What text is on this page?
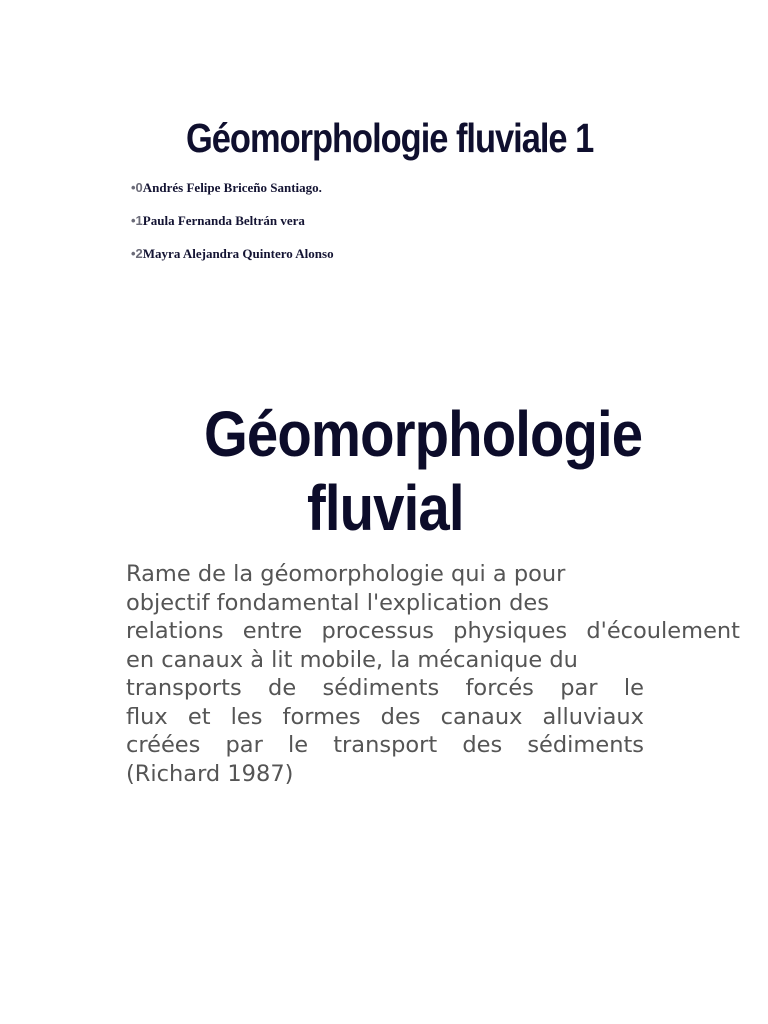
Géomorphologie fluviale 1
•0Andrés Felipe Briceño Santiago.
•1Paula Fernanda Beltrán vera
•2Mayra Alejandra Quintero Alonso
Géomorphologie
fluvial

Rame de la géomorphologie qui a pour
objectif fondamental l'explication des
relations entre processus physiques d'écoulement
en canaux à lit mobile, la mécanique du
transports de sédiments forcés par le
flux et les formes des canaux alluviaux
créées par le transport des sédiments
(Richard 1987)
